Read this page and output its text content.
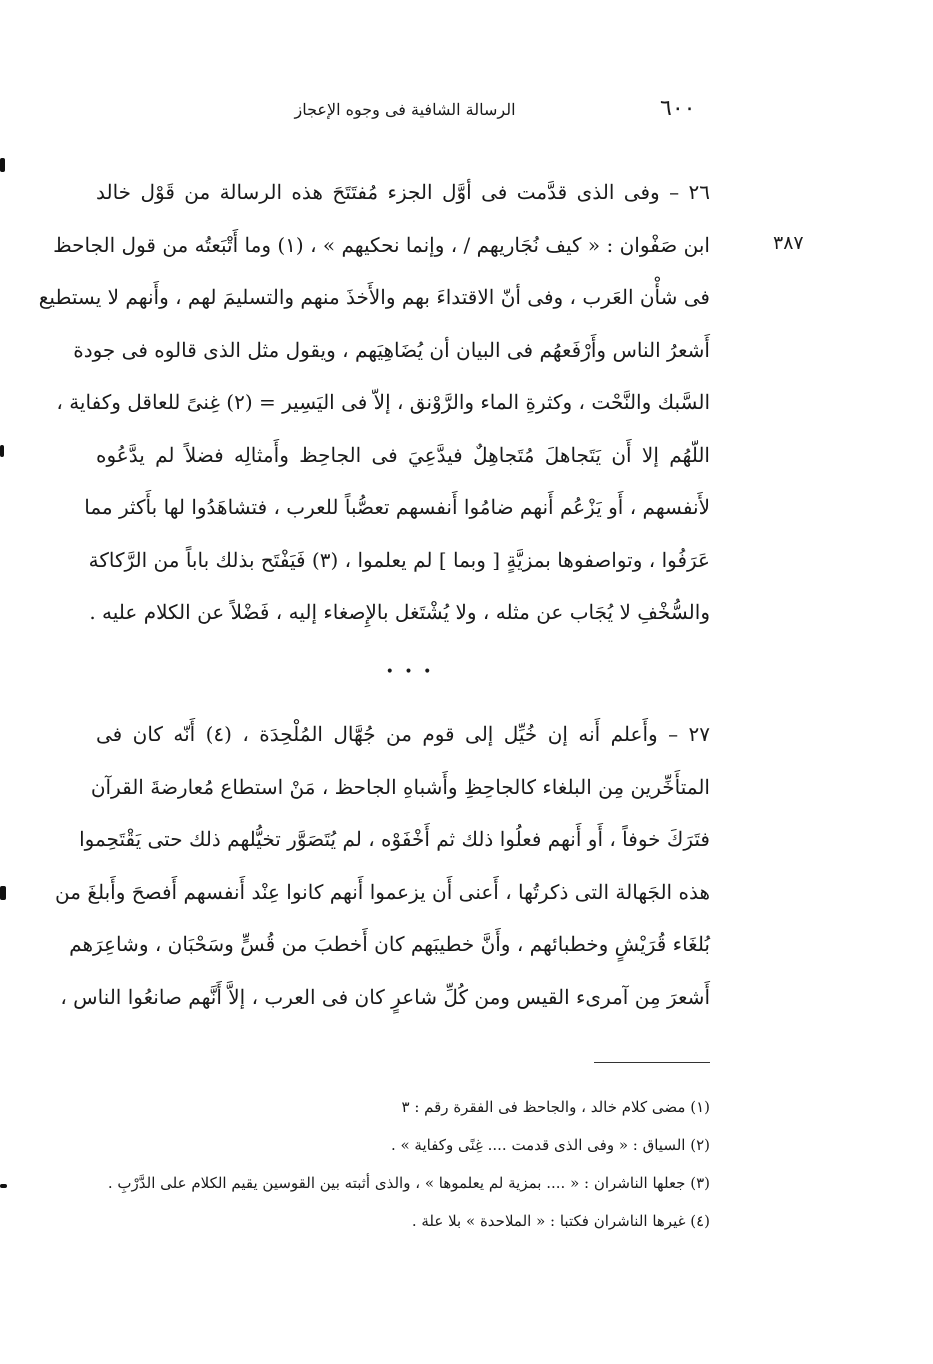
٦٠٠
الرسالة الشافية فى وجوه الإعجاز
٣٨٧
٢٦ – وفى الذى قدَّمت فى أوَّل الجزء مُفتَتَحَ هذه الرسالة من قَوْل خالد
ابن صَفْوان : « كيف نُجَاريهم / ، وإنما نحكيهم » ، (١) وما أَتْبَعتُه من قول الجاحظ
فى شأْن العَرب ، وفى أنّ الاقتداءَ بهم والأَخذَ منهم والتسليمَ لهم ، وأَنهم لا يستطيع
أَشعرُ الناس وأَرْفَعهُم فى البيان أن يُضَاهِيَهم ، ويقول مثل الذى قالوه فى جودة
السَّبك والنَّحْت ، وكثرةِ الماء والرَّوْنق ، إلاّ فى اليَسِير = (٢) غِنىً للعاقل وكفاية ،
اللّهُم إلا أَن يَتَجاهلَ مُتَجاهِلٌ فيدَّعِيَ فى الجاحِظ وأَمثالِه فضلاً لم يدَّعُوه
لأَنفسهم ، أَو يَزْعُم أَنهم ضامُوا أَنفسهم تعصُّباً للعرب ، فتشاهَدُوا لها بأَكثر مما
عَرَفُوا ، وتواصفوها بمزيَّةٍ [ وبما ] لم يعلموا ، (٣) فَيَفْتَح بذلك باباً من الرَّكاكة
والسُّخْفِ لا يُجَاب عن مثله ، ولا يُشْتَغل بالإِصغاء إليه ، فَضْلاً عن الكلام عليه .
• • •
٢٧ – وأَعلم أَنه إن خُيِّل إلى قوم من جُهَّال المُلْحِدَة ، (٤) أَنّه كان فى
المتأَخِّرين مِن البلغاء كالجاحِظِ وأَشباهِ الجاحظ ، مَنْ استطاع مُعارضةَ القرآن
فتَرَكَ خوفاً ، أَو أَنهم فعلُوا ذلك ثم أَخْفَوْه ، لم يُتَصَوَّر تخيُّلهم ذلك حتى يَقْتَحِموا
هذه الجَهالة التى ذكرتُها ، أَعنى أَن يزعموا أَنهم كانوا عِنْد أَنفسهم أَفصحَ وأَبلغَ من
بُلغَاء قُرَيْشٍ وخطبائهم ، وأَنَّ خطيبَهم كان أَخطبَ من قُسٍّ وسَحْبَان ، وشاعِرَهم
أَشعرَ مِن آمرىء القيس ومن كُلِّ شاعرٍ كان فى العرب ، إلاَّ أَنَّهم صانعُوا الناس ،
(١) مضى كلام خالد ، والجاحظ فى الفقرة رقم : ٣
(٢) السياق : « وفى الذى قدمت .... غِنًى وكفاية » .
(٣) جعلها الناشران : « .... بمزية لم يعلموها » ، والذى أثبته بين القوسين يقيم الكلام على الدَّرْبِ .
(٤) غيرها الناشران فكتبا : « الملاحدة » بلا علة .
